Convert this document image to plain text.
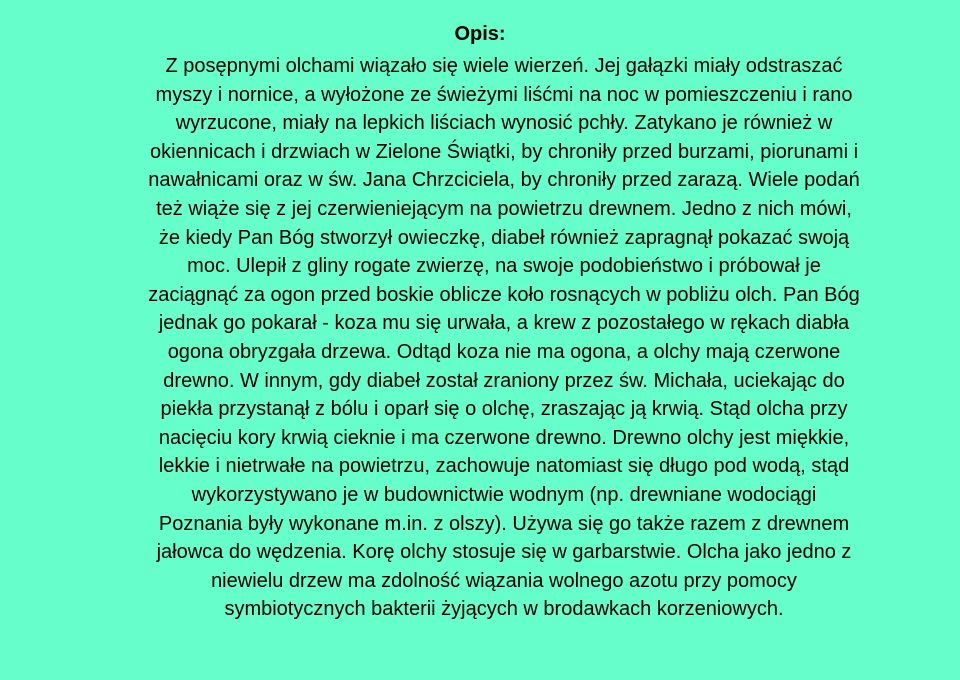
Opis:
Z posępnymi olchami wiązało się wiele wierzeń. Jej gałązki miały odstraszać
myszy i nornice, a wyłożone ze świeżymi liśćmi na noc w pomieszczeniu i rano
wyrzucone, miały na lepkich liściach wynosić pchły. Zatykano je również w
okiennicach i drzwiach w Zielone Świątki, by chroniły przed burzami, piorunami i
nawałnicami oraz w św. Jana Chrzciciela, by chroniły przed zarazą. Wiele podań
też wiąże się z jej czerwieniejącym na powietrzu drewnem. Jedno z nich mówi,
że kiedy Pan Bóg stworzył owieczkę, diabeł również zapragnął pokazać swoją
moc. Ulepił z gliny rogate zwierzę, na swoje podobieństwo i próbował je
zaciągnąć za ogon przed boskie oblicze koło rosnących w pobliżu olch. Pan Bóg
jednak go pokarał - koza mu się urwała, a krew z pozostałego w rękach diabła
ogona obryzgała drzewa. Odtąd koza nie ma ogona, a olchy mają czerwone
drewno. W innym, gdy diabeł został zraniony przez św. Michała, uciekając do
piekła przystanął z bólu i oparł się o olchę, zraszając ją krwią. Stąd olcha przy
nacięciu kory krwią cieknie i ma czerwone drewno. Drewno olchy jest miękkie,
lekkie i nietrwałe na powietrzu, zachowuje natomiast się długo pod wodą, stąd
wykorzystywano je w budownictwie wodnym (np. drewniane wodociągi
Poznania były wykonane m.in. z olszy). Używa się go także razem z drewnem
jałowca do wędzenia. Korę olchy stosuje się w garbarstwie. Olcha jako jedno z
niewielu drzew ma zdolność wiązania wolnego azotu przy pomocy
symbiotycznych bakterii żyjących w brodawkach korzeniowych.
